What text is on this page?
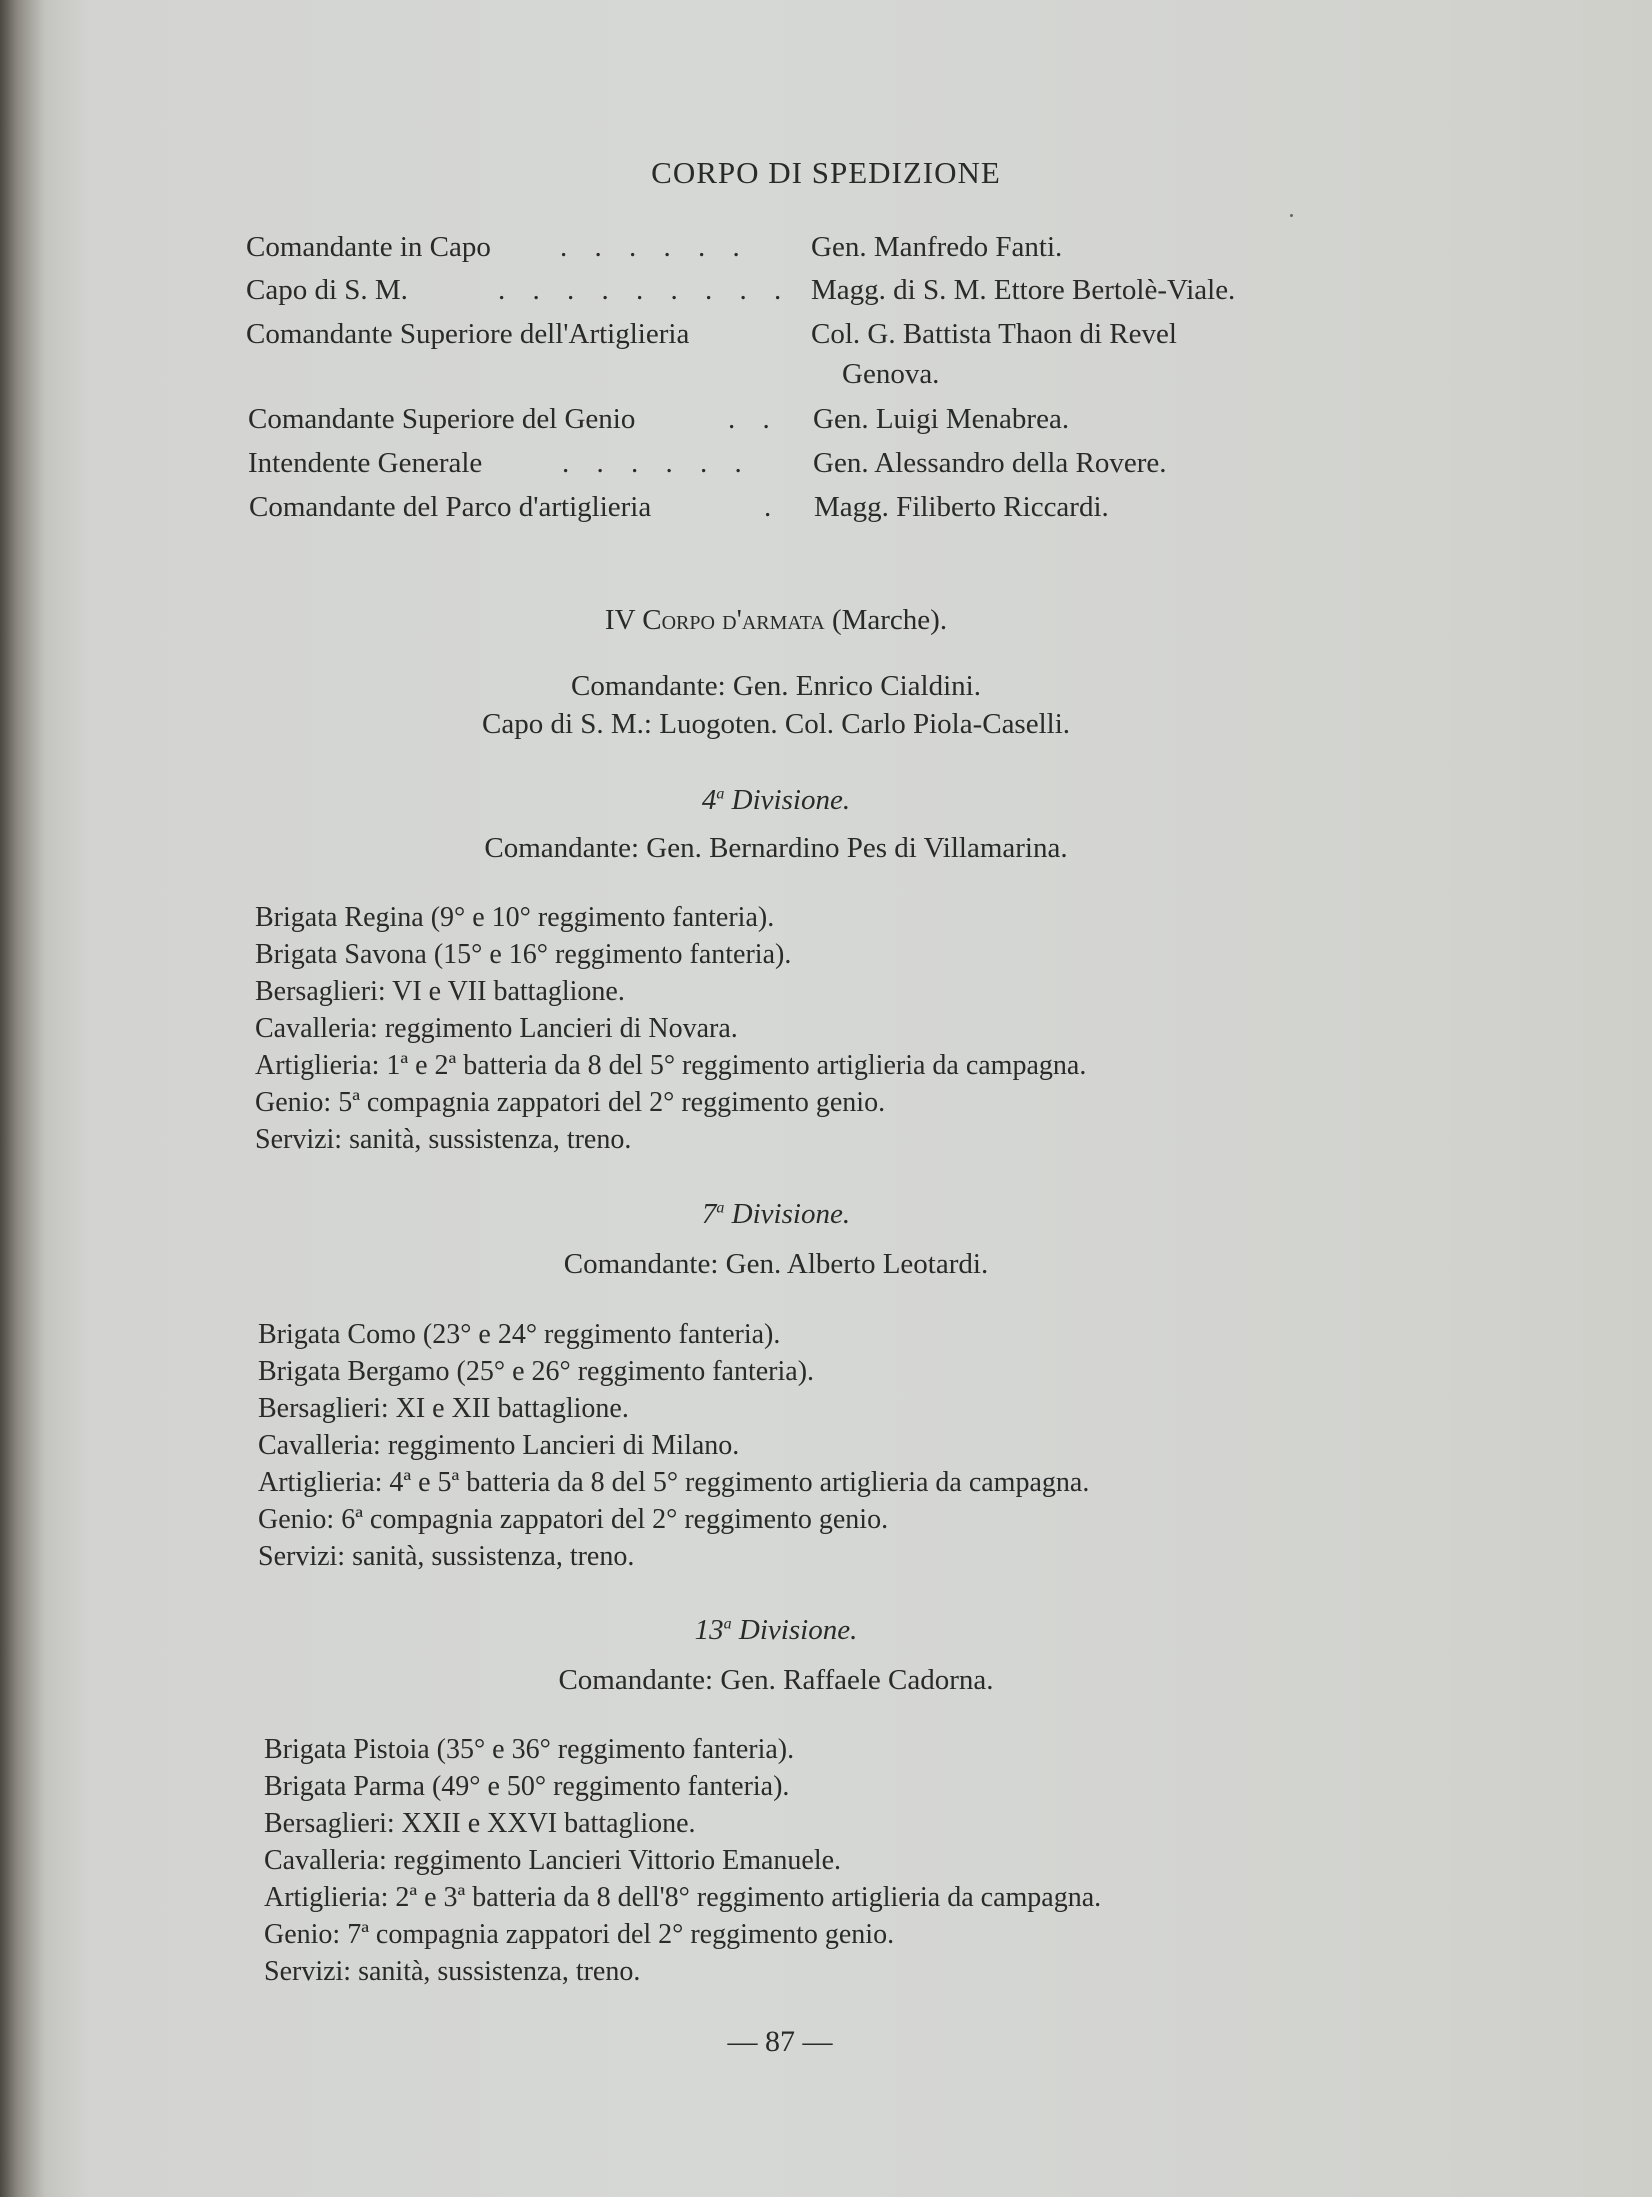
CORPO DI SPEDIZIONE
Comandante in Capo . . . . . . Gen. Manfredo Fanti.
Capo di S. M.	. . . . . . . . . Magg. di S. M. Ettore Bertolè-Viale.
Comandante Superiore dell'Artiglieria	Col. G. Battista Thaon di Revel
Genova.
Comandante Superiore del Genio	. . Gen. Luigi Menabrea.
Intendente Generale	. . . . . . Gen. Alessandro della Rovere.
Comandante del Parco d'artiglieria	. Magg. Filiberto Riccardi.
IV Corpo d'armata (Marche).
Comandante: Gen. Enrico Cialdini.
Capo di S. M.: Luogoten. Col. Carlo Piola-Caselli.
4$^a$ Divisione.
Comandante: Gen. Bernardino Pes di Villamarina.
Brigata Regina (9° e 10° reggimento fanteria).
Brigata Savona (15° e 16° reggimento fanteria).
Bersaglieri: VI e VII battaglione.
Cavalleria: reggimento Lancieri di Novara.
Artiglieria: 1ª e 2ª batteria da 8 del 5° reggimento artiglieria da campagna.
Genio: 5ª compagnia zappatori del 2° reggimento genio.
Servizi: sanità, sussistenza, treno.
7$^a$ Divisione.
Comandante: Gen. Alberto Leotardi.
Brigata Como (23° e 24° reggimento fanteria).
Brigata Bergamo (25° e 26° reggimento fanteria).
Bersaglieri: XI e XII battaglione.
Cavalleria: reggimento Lancieri di Milano.
Artiglieria: 4ª e 5ª batteria da 8 del 5° reggimento artiglieria da campagna.
Genio: 6ª compagnia zappatori del 2° reggimento genio.
Servizi: sanità, sussistenza, treno.
13$^a$ Divisione.
Comandante: Gen. Raffaele Cadorna.
Brigata Pistoia (35° e 36° reggimento fanteria).
Brigata Parma (49° e 50° reggimento fanteria).
Bersaglieri: XXII e XXVI battaglione.
Cavalleria: reggimento Lancieri Vittorio Emanuele.
Artiglieria: 2ª e 3ª batteria da 8 dell'8° reggimento artiglieria da campagna.
Genio: 7ª compagnia zappatori del 2° reggimento genio.
Servizi: sanità, sussistenza, treno.
— 87 —
